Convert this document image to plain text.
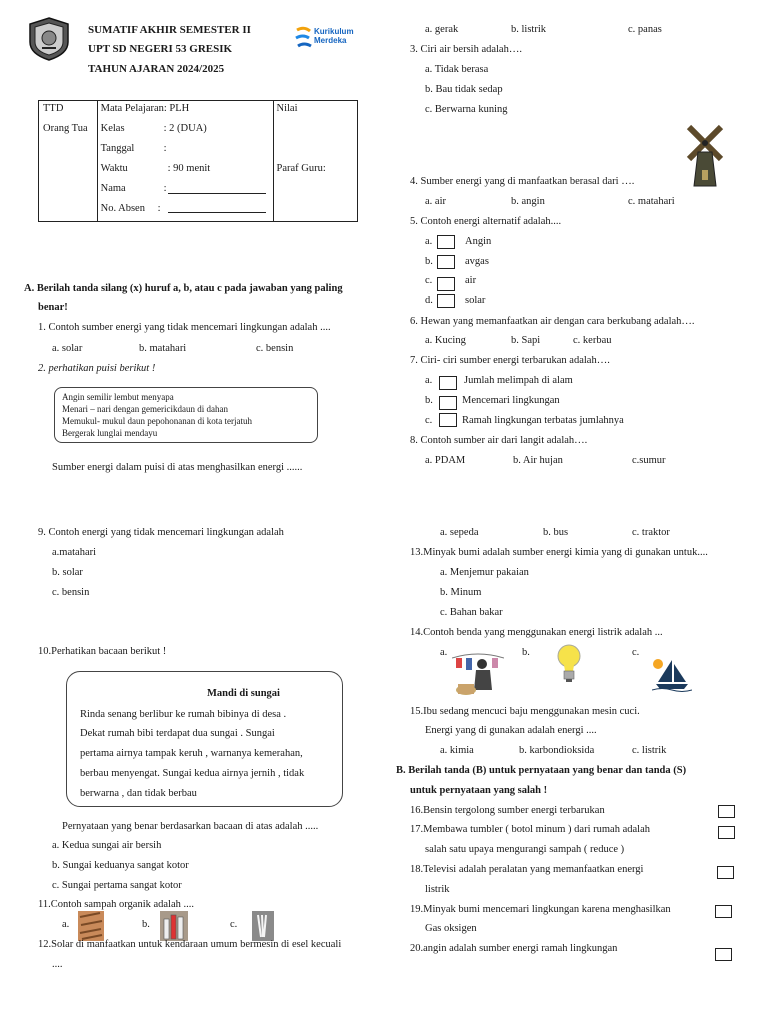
SUMATIF AKHIR SEMESTER II
UPT SD NEGERI 53 GRESIK
TAHUN AJARAN 2024/2025
Kurikulum
Merdeka
TTD
Orang Tua

Mata Pelajaran: PLH
Kelas	: 2 (DUA)
Tanggal	:
Waktu	: 90 menit
Nama	:
No. Absen :

Nilai
Paraf Guru:
A. Berilah tanda silang (x) huruf a, b, atau c pada jawaban yang paling
benar!
1. Contoh sumber energi yang tidak mencemari lingkungan adalah ....
a. solar	b. matahari	c. bensin
2. perhatikan puisi berikut !
Angin semilir lembut menyapa
Menari – nari dengan gemericikdaun di dahan
Memukul- mukul daun pepohonanan di kota terjatuh
Bergerak lunglai mendayu
Sumber energi dalam puisi di atas menghasilkan energi ......
a. gerak	b. listrik	c. panas
3. Ciri air bersih adalah….
a. Tidak berasa
b. Bau tidak sedap
c. Berwarna kuning
4. Sumber energi yang di manfaatkan berasal dari ….
a. air	b. angin	c. matahari
5. Contoh energi alternatif adalah....
a.	Angin
b.	avgas
c.	air
d.	solar
6. Hewan yang memanfaatkan air dengan cara berkubang adalah….
a. Kucing	b. Sapi	c. kerbau
7. Ciri- ciri sumber energi terbarukan adalah….
a.	Jumlah melimpah di alam
b.	Mencemari lingkungan
c.	Ramah lingkungan terbatas jumlahnya
8. Contoh sumber air dari langit adalah….
a. PDAM	b. Air hujan	c.sumur
9. Contoh energi yang tidak mencemari lingkungan adalah
a.matahari
b. solar
c. bensin
10.Perhatikan bacaan berikut !
Mandi di sungai
Rinda senang berlibur ke rumah bibinya di desa .
Dekat rumah bibi terdapat dua sungai . Sungai
pertama airnya tampak keruh , warnanya kemerahan,
berbau menyengat. Sungai kedua airnya jernih , tidak
berwarna , dan tidak berbau
Pernyataan yang benar berdasarkan bacaan di atas adalah .....
a. Kedua sungai air bersih
b. Sungai keduanya sangat kotor
c. Sungai pertama sangat kotor
11.Contoh sampah organik adalah ....
a.	b.	c.
12.Solar di manfaatkan untuk kendaraan umum bermesin di esel kecuali
....
a. sepeda	b. bus	c. traktor
13.Minyak bumi adalah sumber energi kimia yang di gunakan untuk....
a. Menjemur pakaian
b. Minum
c. Bahan bakar
14.Contoh benda yang menggunakan energi listrik adalah ...
a.	b.	c.
15.Ibu sedang mencuci baju menggunakan mesin cuci.
Energi yang di gunakan adalah energi ....
a. kimia	b. karbondioksida	c. listrik
B. Berilah tanda (B) untuk pernyataan yang benar dan tanda (S)
untuk pernyataan yang salah !
16.Bensin tergolong sumber energi terbarukan
17.Membawa tumbler ( botol minum ) dari rumah adalah
salah satu upaya mengurangi sampah ( reduce )
18.Televisi adalah peralatan yang memanfaatkan energi
listrik
19.Minyak bumi mencemari lingkungan karena menghasilkan
Gas oksigen
20.angin adalah sumber energi ramah lingkungan
